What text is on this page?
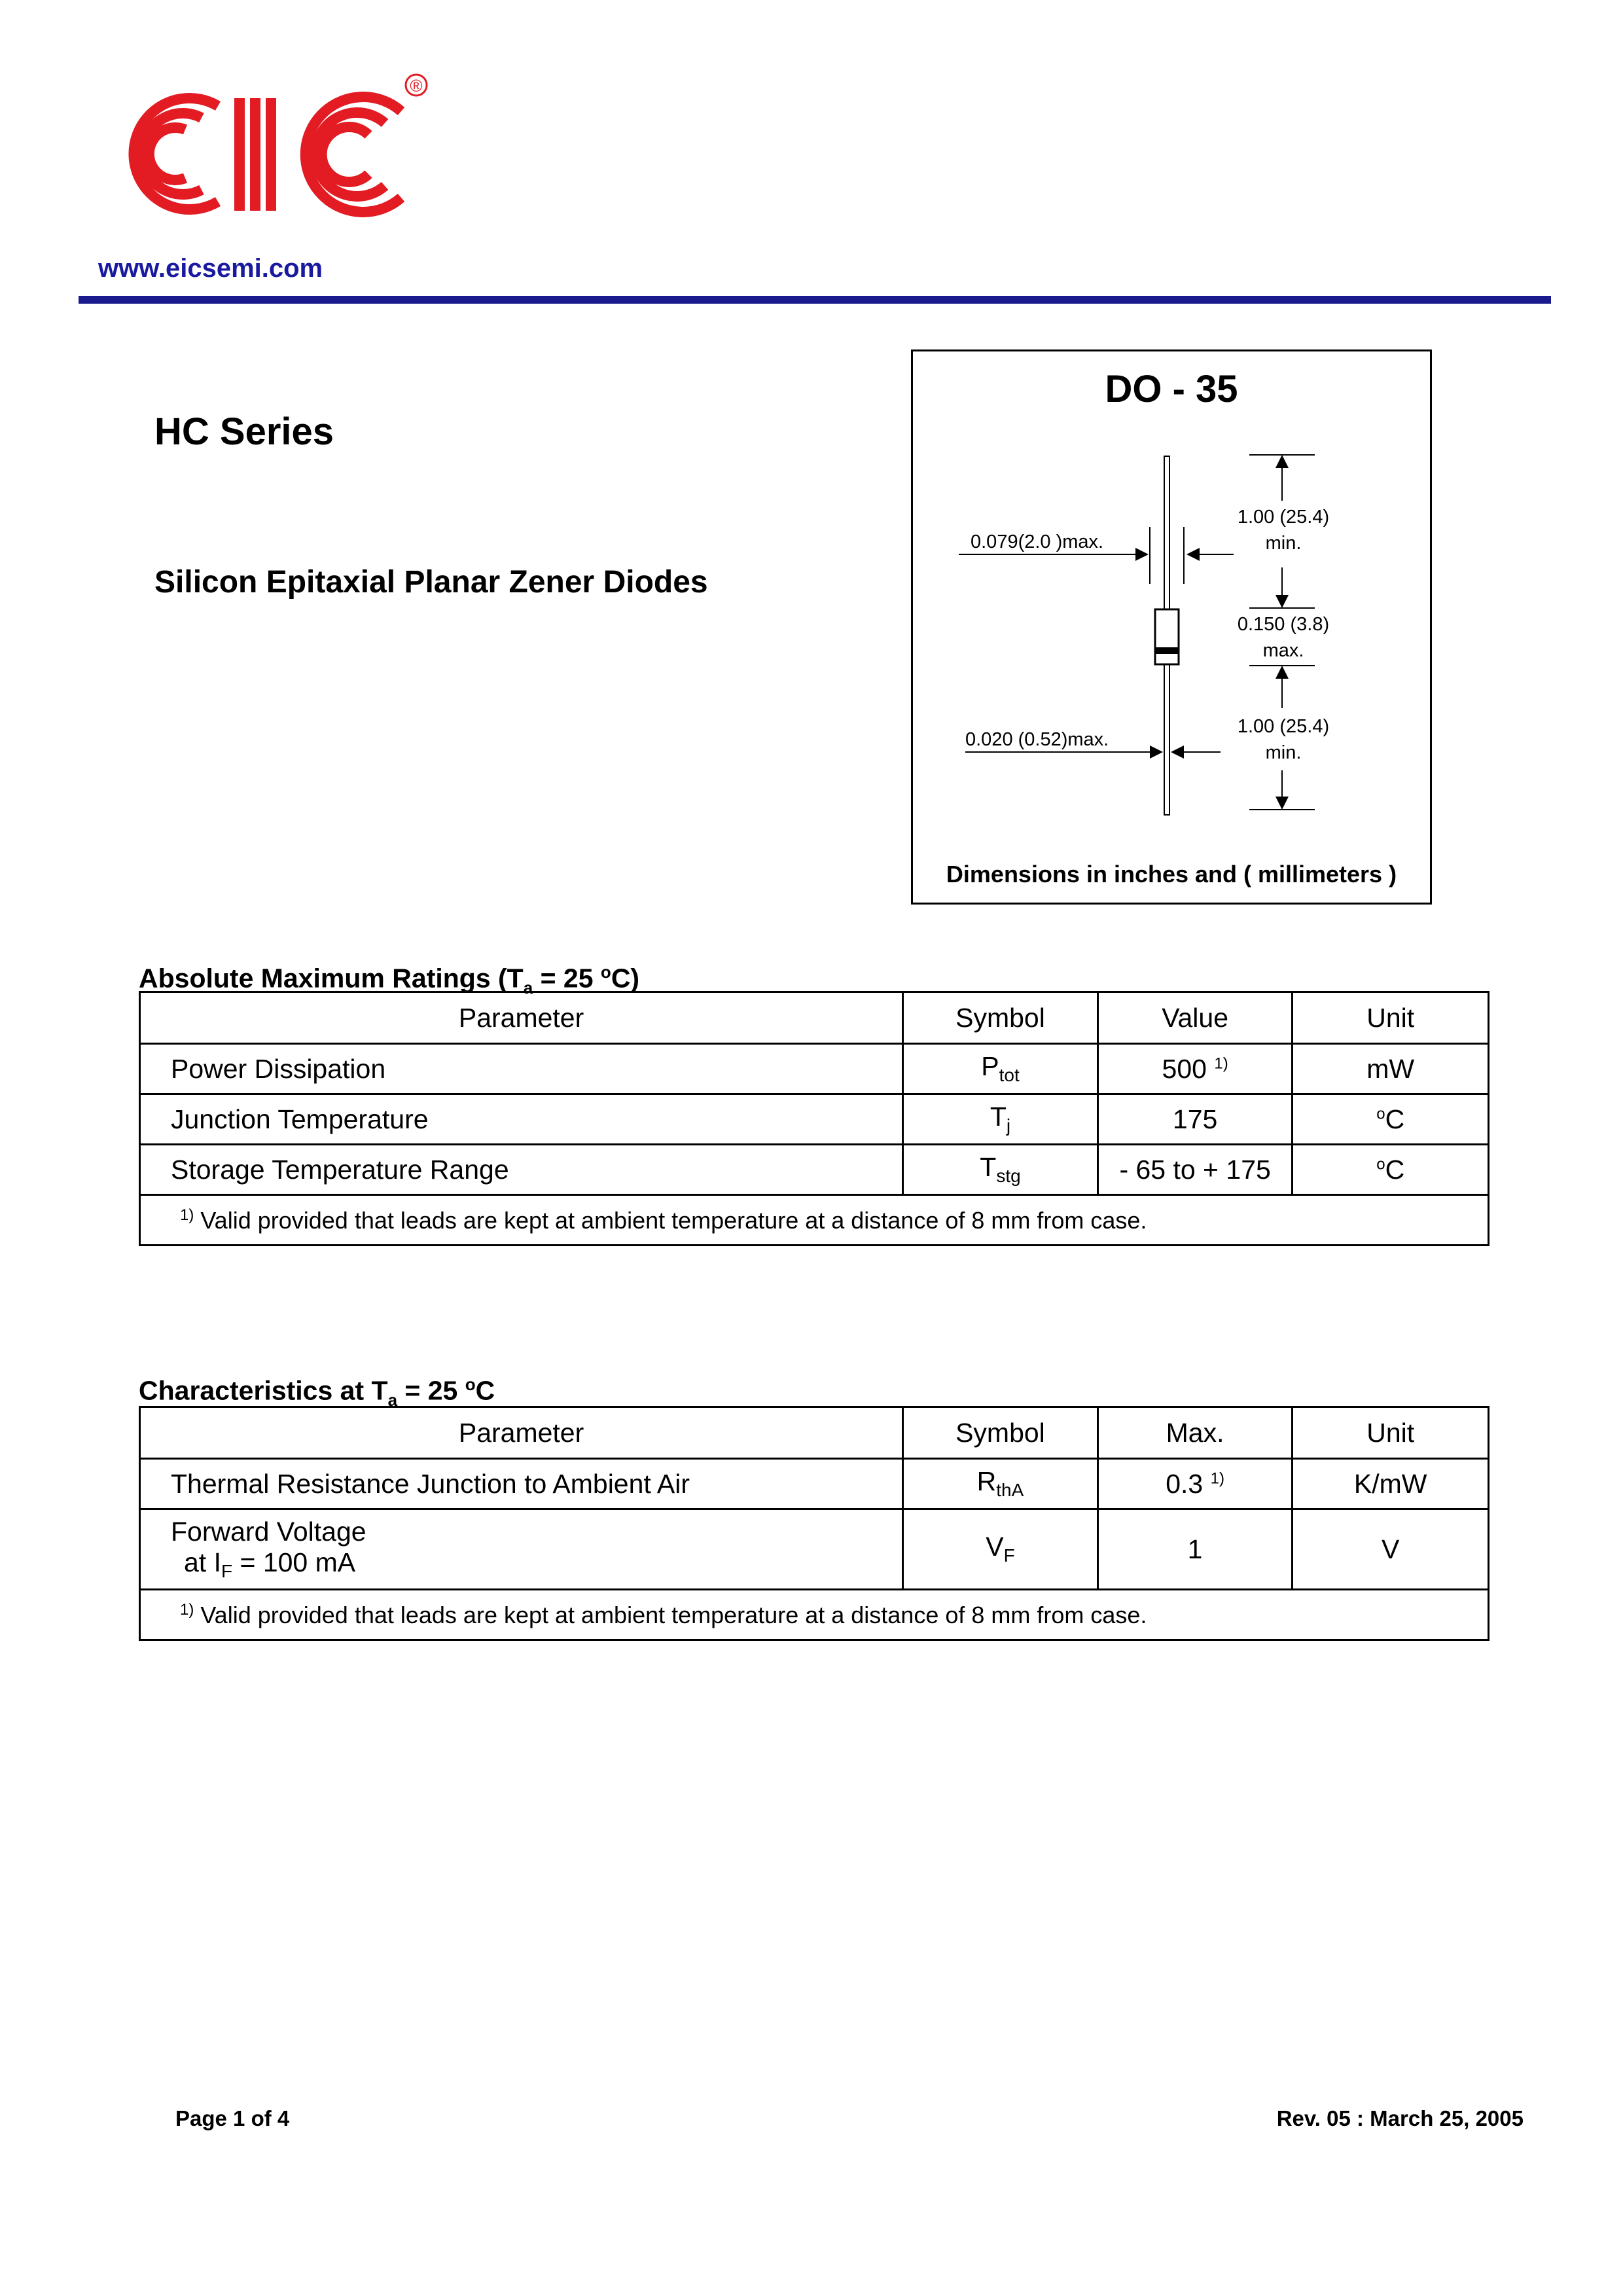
®
www.eicsemi.com
HC Series
Silicon Epitaxial Planar Zener Diodes
DO - 35
0.079(2.0 )max.
0.020 (0.52)max.
1.00 (25.4)
min.
0.150 (3.8)
max.
1.00 (25.4)
min.
Dimensions in inches and ( millimeters )
Absolute Maximum Ratings ($T_a = 25$ $^o$C)
Parameter	Symbol	Value	Unit
Power Dissipation	$P_{tot}$	500 $^{1)}$	mW
Junction Temperature	$T_j$	175	$^o$C
Storage Temperature Range	$T_{stg}$	- 65 to + 175	$^o$C
$^{1)}$ Valid provided that leads are kept at ambient temperature at a distance of 8 mm from case.			
Characteristics at $T_a = 25$ $^o$C
Parameter	Symbol	Max.	Unit
Thermal Resistance Junction to Ambient Air	$R_{thA}$	0.3 $^{1)}$	K/mW

Forward Voltage
at $I_F = 100$ mA	$V_F$	1	V
$^{1)}$ Valid provided that leads are kept at ambient temperature at a distance of 8 mm from case.			
Page 1 of 4	Rev. 05 : March 25, 2005
